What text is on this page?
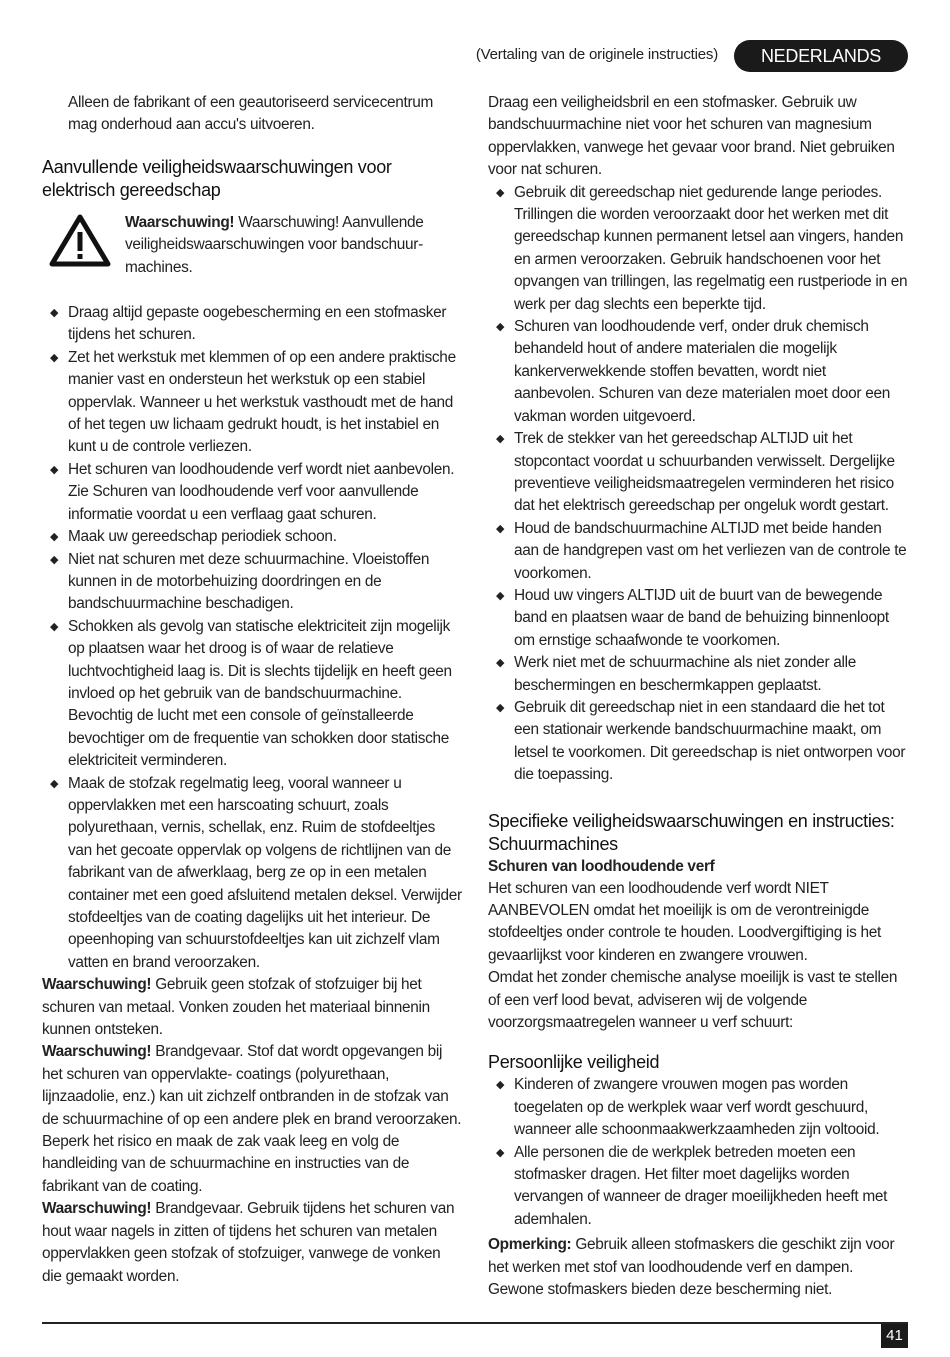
(Vertaling van de originele instructies)	NEDERLANDS

Alleen de fabrikant of een geautoriseerd servicecentrum mag onderhoud aan accu's uitvoeren.

Aanvullende veiligheidswaarschuwingen voor elektrisch gereedschap

Waarschuwing! Waarschuwing! Aanvullende veiligheidswaarschuwingen voor bandschuur-machines.

◆ Draag altijd gepaste oogebescherming en een stofmasker tijdens het schuren.
◆ Zet het werkstuk met klemmen of op een andere praktische manier vast en ondersteun het werkstuk op een stabiel oppervlak. Wanneer u het werkstuk vasthoudt met de hand of het tegen uw lichaam gedrukt houdt, is het instabiel en kunt u de controle verliezen.
◆ Het schuren van loodhoudende verf wordt niet aanbevolen. Zie Schuren van loodhoudende verf voor aanvullende informatie voordat u een verflaag gaat schuren.
◆ Maak uw gereedschap periodiek schoon.
◆ Niet nat schuren met deze schuurmachine. Vloeistoffen kunnen in de motorbehuizing doordringen en de bandschuurmachine beschadigen.
◆ Schokken als gevolg van statische elektriciteit zijn mogelijk op plaatsen waar het droog is of waar de relatieve luchtvochtigheid laag is. Dit is slechts tijdelijk en heeft geen invloed op het gebruik van de bandschuurmachine. Bevochtig de lucht met een console of geïnstalleerde bevochtiger om de frequentie van schokken door statische elektriciteit verminderen.
◆ Maak de stofzak regelmatig leeg, vooral wanneer u oppervlakken met een harscoating schuurt, zoals polyurethaan, vernis, schellak, enz. Ruim de stofdeeltjes van het gecoate oppervlak op volgens de richtlijnen van de fabrikant van de afwerklaag, berg ze op in een metalen container met een goed afsluitend metalen deksel. Verwijder stofdeeltjes van de coating dagelijks uit het interieur. De opeenhoping van schuurstofdeeltjes kan uit zichzelf vlam vatten en brand veroorzaken.

Waarschuwing! Gebruik geen stofzak of stofzuiger bij het schuren van metaal. Vonken zouden het materiaal binnenin kunnen ontsteken.

Waarschuwing! Brandgevaar. Stof dat wordt opgevangen bij het schuren van oppervlakte- coatings (polyurethaan, lijnzaadolie, enz.) kan uit zichzelf ontbranden in de stofzak van de schuurmachine of op een andere plek en brand veroorzaken. Beperk het risico en maak de zak vaak leeg en volg de handleiding van de schuurmachine en instructies van de fabrikant van de coating.

Waarschuwing! Brandgevaar. Gebruik tijdens het schuren van hout waar nagels in zitten of tijdens het schuren van metalen oppervlakken geen stofzak of stofzuiger, vanwege de vonken die gemaakt worden.

Draag een veiligheidsbril en een stofmasker. Gebruik uw bandschuurmachine niet voor het schuren van magnesium oppervlakken, vanwege het gevaar voor brand. Niet gebruiken voor nat schuren.

◆ Gebruik dit gereedschap niet gedurende lange periodes. Trillingen die worden veroorzaakt door het werken met dit gereedschap kunnen permanent letsel aan vingers, handen en armen veroorzaken. Gebruik handschoenen voor het opvangen van trillingen, las regelmatig een rustperiode in en werk per dag slechts een beperkte tijd.
◆ Schuren van loodhoudende verf, onder druk chemisch behandeld hout of andere materialen die mogelijk kankerverwekkende stoffen bevatten, wordt niet aanbevolen. Schuren van deze materialen moet door een vakman worden uitgevoerd.
◆ Trek de stekker van het gereedschap ALTIJD uit het stopcontact voordat u schuurbanden verwisselt. Dergelijke preventieve veiligheidsmaatregelen verminderen het risico dat het elektrisch gereedschap per ongeluk wordt gestart.
◆ Houd de bandschuurmachine ALTIJD met beide handen aan de handgrepen vast om het verliezen van de controle te voorkomen.
◆ Houd uw vingers ALTIJD uit de buurt van de bewegende band en plaatsen waar de band de behuizing binnenloopt om ernstige schaafwonde te voorkomen.
◆ Werk niet met de schuurmachine als niet zonder alle beschermingen en beschermkappen geplaatst.
◆ Gebruik dit gereedschap niet in een standaard die het tot een stationair werkende bandschuurmachine maakt, om letsel te voorkomen. Dit gereedschap is niet ontworpen voor die toepassing.
Specifieke veiligheidswaarschuwingen en instructies: Schuurmachines
Schuren van loodhoudende verf

Het schuren van een loodhoudende verf wordt NIET AANBEVOLEN omdat het moeilijk is om de verontreinigde stofdeeltjes onder controle te houden. Loodvergiftiging is het gevaarlijkst voor kinderen en zwangere vrouwen.

Omdat het zonder chemische analyse moeilijk is vast te stellen of een verf lood bevat, adviseren wij de volgende voorzorgsmaatregelen wanneer u verf schuurt:

Persoonlijke veiligheid
◆ Kinderen of zwangere vrouwen mogen pas worden toegelaten op de werkplek waar verf wordt geschuurd, wanneer alle schoonmaakwerkzaamheden zijn voltooid.
◆ Alle personen die de werkplek betreden moeten een stofmasker dragen. Het filter moet dagelijks worden vervangen of wanneer de drager moeilijkheden heeft met ademhalen.

Opmerking: Gebruik alleen stofmaskers die geschikt zijn voor het werken met stof van loodhoudende verf en dampen. Gewone stofmaskers bieden deze bescherming niet.

41
